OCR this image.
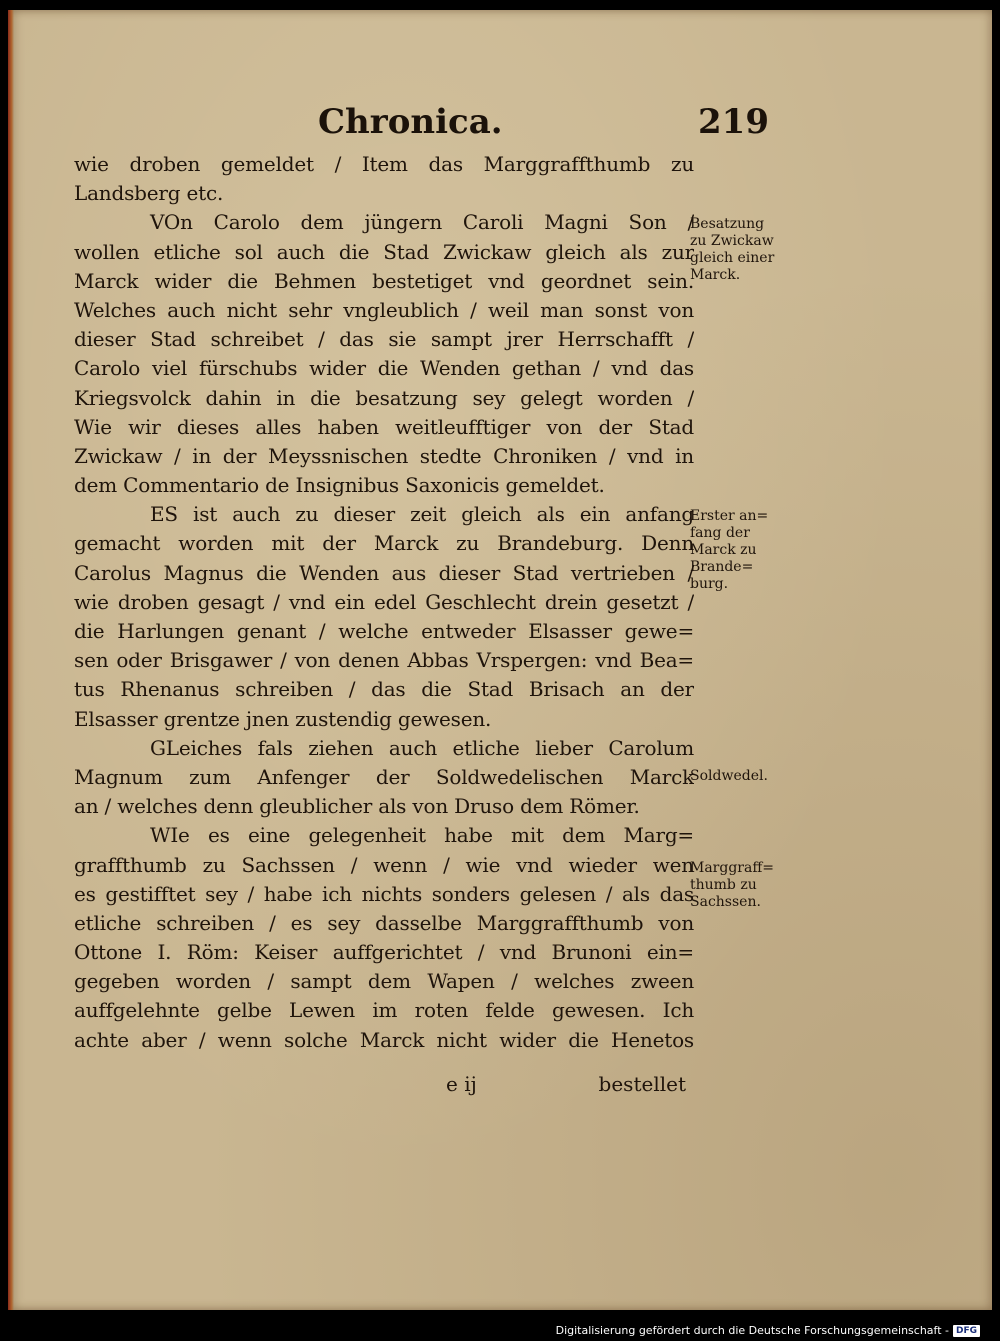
Chronica.	219
wie droben gemeldet / Item das Marggraffthumb zu
Landsberg etc.
VOn Carolo dem jüngern Caroli Magni Son /
wollen etliche sol auch die Stad Zwickaw gleich als zur
Marck wider die Behmen bestetiget vnd geordnet sein.
Welches auch nicht sehr vngleublich / weil man sonst von
dieser Stad schreibet / das sie sampt jrer Herrschafft /
Carolo viel fürschubs wider die Wenden gethan / vnd das
Kriegsvolck dahin in die besatzung sey gelegt worden /
Wie wir dieses alles haben weitleufftiger von der Stad
Zwickaw / in der Meyssnischen stedte Chroniken / vnd in
dem Commentario de Insignibus Saxonicis gemeldet.
ES ist auch zu dieser zeit gleich als ein anfang
gemacht worden mit der Marck zu Brandeburg. Denn
Carolus Magnus die Wenden aus dieser Stad vertrieben /
wie droben gesagt / vnd ein edel Geschlecht drein gesetzt /
die Harlungen genant / welche entweder Elsasser gewe=
sen oder Brisgawer / von denen Abbas Vrspergen: vnd Bea=
tus Rhenanus schreiben / das die Stad Brisach an der
Elsasser grentze jnen zustendig gewesen.
GLeiches fals ziehen auch etliche lieber Carolum
Magnum zum Anfenger der Soldwedelischen Marck
an / welches denn gleublicher als von Druso dem Römer.
WIe es eine gelegenheit habe mit dem Marg=
graffthumb zu Sachssen / wenn / wie vnd wieder wen
es gestifftet sey / habe ich nichts sonders gelesen / als das
etliche schreiben / es sey dasselbe Marggraffthumb von
Ottone I. Röm: Keiser auffgerichtet / vnd Brunoni ein=
gegeben worden / sampt dem Wapen / welches zween
auffgelehnte gelbe Lewen im roten felde gewesen. Ich
achte aber / wenn solche Marck nicht wider die Henetos
Besatzung
zu Zwickaw
gleich einer
Marck.
Erster an=
fang der
Marck zu
Brande=
burg.
Soldwedel.
Marggraff=
thumb zu
Sachssen.
e ij	bestellet
Digitalisierung gefördert durch die Deutsche Forschungsgemeinschaft - DFG
